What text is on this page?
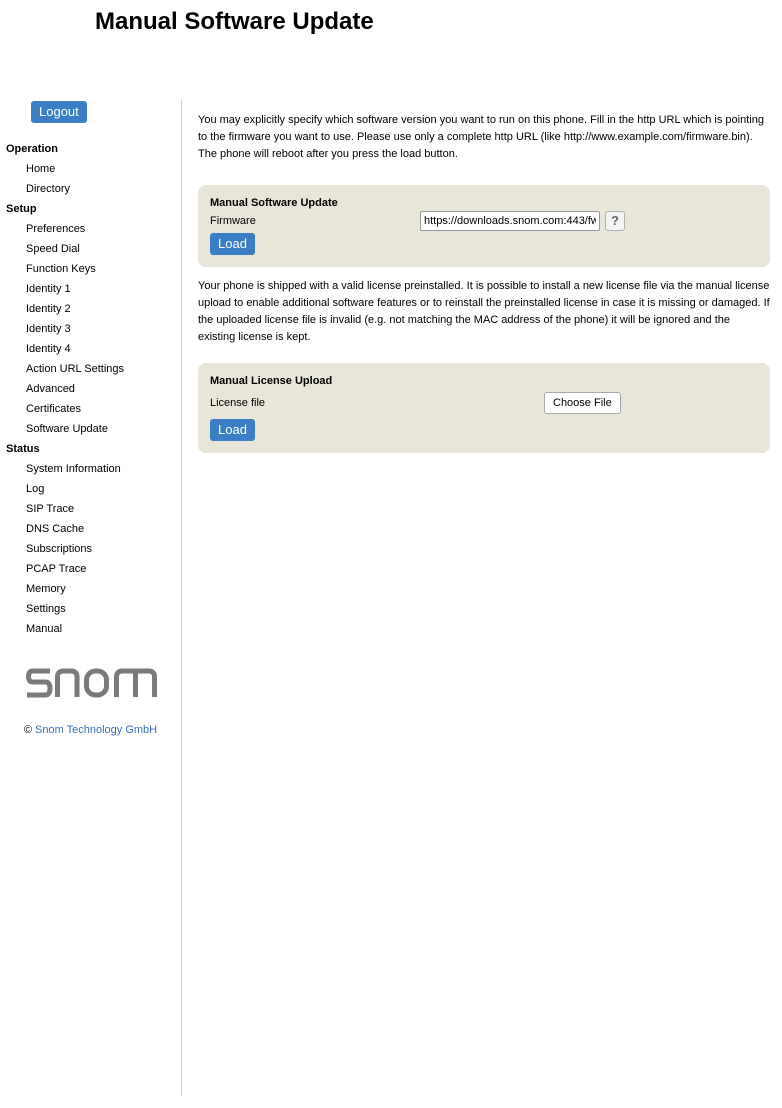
Manual Software Update
Logout
Operation
Home
Directory
Setup
Preferences
Speed Dial
Function Keys
Identity 1
Identity 2
Identity 3
Identity 4
Action URL Settings
Advanced
Certificates
Software Update
Status
System Information
Log
SIP Trace
DNS Cache
Subscriptions
PCAP Trace
Memory
Settings
Manual
© Snom Technology GmbH

You may explicitly specify which software version you want to run on this phone. Fill in the http URL which is pointing to the firmware you want to use. Please use only a complete http URL (like http://www.example.com/firmware.bin). The phone will reboot after you press the load button.

Manual Software Update
Firmware
https://downloads.snom.com:443/fw	?
Load

Your phone is shipped with a valid license preinstalled. It is possible to install a new license file via the manual license upload to enable additional software features or to reinstall the preinstalled license in case it is missing or damaged. If the uploaded license file is invalid (e.g. not matching the MAC address of the phone) it will be ignored and the existing license is kept.

Manual License Upload
License file	Choose File
Load
